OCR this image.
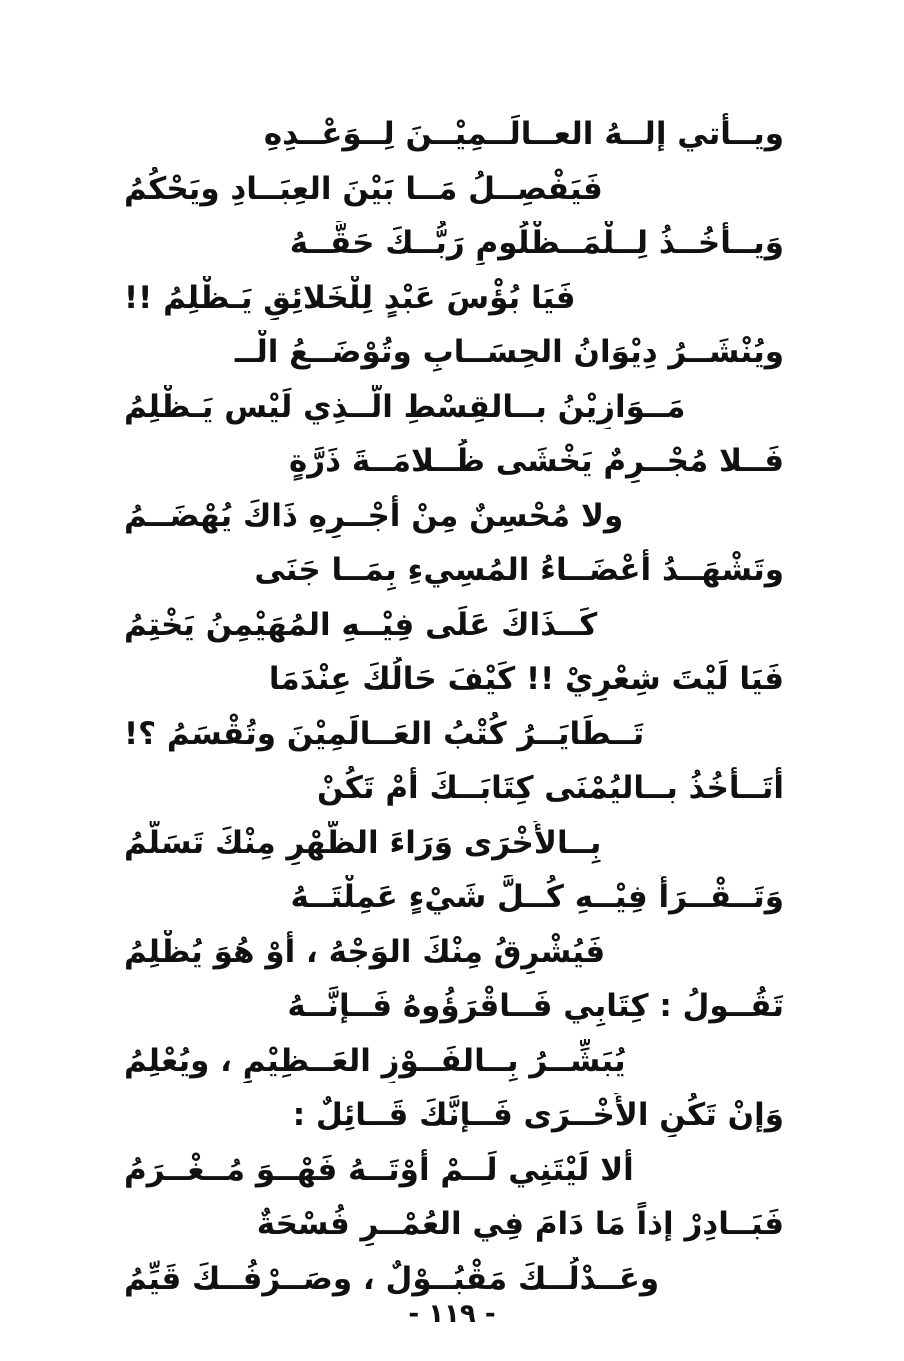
ويــأتي إلــهُ العــالَــمِيْــنَ لِــوَعْــدِهِ
فَيَفْصِــلُ مَــا بَيْنَ العِبَــادِ ويَحْكُمُ
وَيــأْخُــذُ لِــلْمَــظْلُومِ رَبُّــكَ حَقَّــهُ
فَيَا بُؤْسَ عَبْدٍ لِلْخَلائِقِ يَـظْلِمُ !!
ويُنْشَــرُ دِيْوَانُ الحِسَــابِ وتُوْضَــعُ الْــ
مَــوَازِيْنُ بــالقِسْطِ الَّــذِي لَيْس يَـظْلِمُ
فَــلا مُجْــرِمٌ يَخْشَى ظُــلامَــةَ ذَرَّةٍ
ولا مُحْسِنٌ مِنْ أجْــرِهِ ذَاكَ يُهْضَــمُ
وتَشْهَــدُ أعْضَــاءُ المُسِيءِ بِمَــا جَنَى
كَــذَاكَ عَلَى فِيْــهِ المُهَيْمِنُ يَخْتِمُ
فَيَا لَيْتَ شِعْرِيْ !! كَيْفَ حَالُكَ عِنْدَمَا
تَــطَايَــرُ كُتْبُ العَــالَمِيْنَ وتُقْسَمُ ؟!
أَتَــأْخُذُ بــاليُمْنَى كِتَابَــكَ أمْ تَكُنْ
بِــالأُخْرَى وَرَاءَ الظَّهْرِ مِنْكَ تَسَلَّمُ
وَتَــقْــرَأُ فِيْــهِ كُــلَّ شَيْءٍ عَمِلْتَــهُ
فَيُشْرِقُ مِنْكَ الوَجْهُ ، أوْ هُوَ يُظْلِمُ
تَقُــولُ : كِتَابِي فَــاقْرَؤُوهُ فَــإنَّــهُ
يُبَشِّــرُ بِــالفَــوْزِ العَــظِيْمِ ، ويُعْلِمُ
وَإنْ تَكُنِ الأُخْــرَى فَــإنَّكَ قَــائِلٌ :
ألا لَيْتَنِي لَــمْ أوْتَــهُ فَهْــوَ مُــغْــرَمُ
فَبَــادِرْ إذاً مَا دَامَ فِي العُمْــرِ فُسْحَةٌ
وعَــدْلُــكَ مَقْبُــوْلٌ ، وصَــرْفُــكَ قَيِّمُ
- ١١٩ -
